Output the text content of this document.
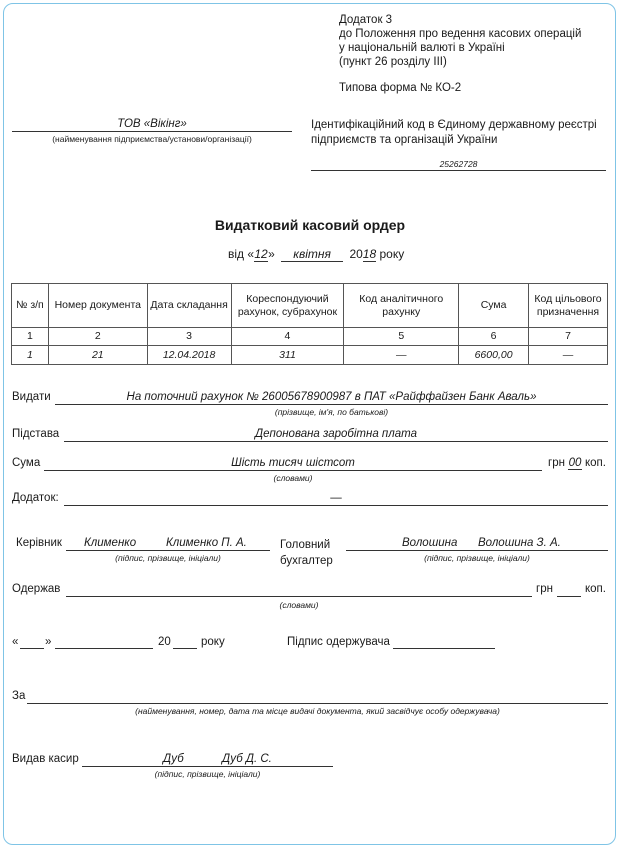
Додаток 3
до Положення про ведення касових операцій
у національній валюті в Україні
(пункт 26 розділу ІІІ)
Типова форма № КО-2
ТОВ «Вікінг»
(найменування підприємства/установи/організації)
Ідентифікаційний код в Єдиному державному реєстрі
підприємств та організацій України
25262728
Видатковий касовий ордер
від «12» квітня 2018 року
№ з/п	Номер документа	Дата складання	Кореспондуючий рахунок, субрахунок	Код аналітичного рахунку	Сума	Код цільового призначення
1	2	3	4	5	6	7
1	21	12.04.2018	311	—	6600,00	—
Видати	На поточний рахунок № 26005678900987 в ПАТ «Райффайзен Банк Аваль»
(прізвище, ім'я, по батькові)
Підстава	Депонована заробітна плата
Сума	Шість тисяч шістсот
(словами)
грн 00 коп.
Додаток:	—
Керівник Клименко	Клименко П. А.
(підпис, прізвище, ініціали)
Головний
бухгалтер
Волошина Волошина З. А.
(підпис, прізвище, ініціали)
Одержав
(словами)
грн	коп.
« »	20	року	Підпис одержувача
За
(найменування, номер, дата та місце видачі документа, який засвідчує особу одержувача)
Видав касир	Дуб	Дуб Д. С.
(підпис, прізвище, ініціали)
